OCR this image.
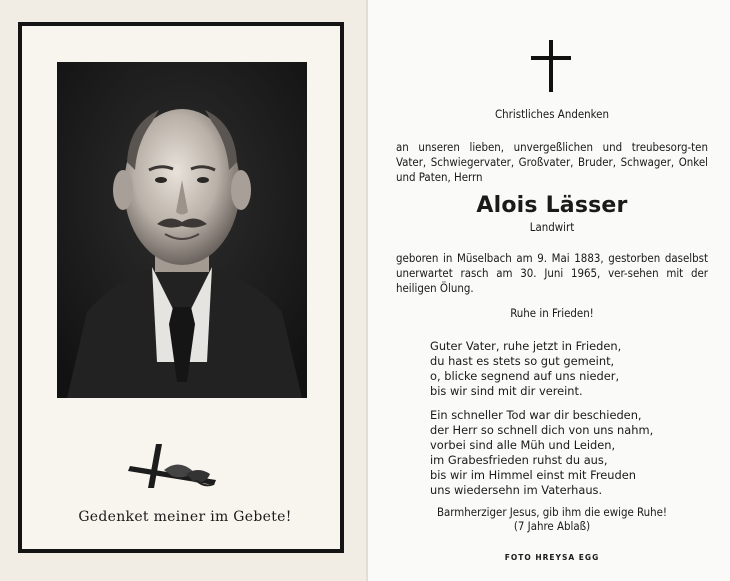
Gedenket meiner im Gebete!
Christliches Andenken
an unseren lieben, unvergeßlichen und treubesorg-ten Vater, Schwiegervater, Großvater, Bruder, Schwager, Onkel und Paten, Herrn
Alois Lässer
Landwirt
geboren in Müselbach am 9. Mai 1883, gestorben daselbst unerwartet rasch am 30. Juni 1965, ver-sehen mit der heiligen Ölung.
Ruhe in Frieden!
Guter Vater, ruhe jetzt in Frieden,
du hast es stets so gut gemeint,
o, blicke segnend auf uns nieder,
bis wir sind mit dir vereint.
Ein schneller Tod war dir beschieden,
der Herr so schnell dich von uns nahm,
vorbei sind alle Müh und Leiden,
im Grabesfrieden ruhst du aus,
bis wir im Himmel einst mit Freuden
uns wiedersehn im Vaterhaus.
Barmherziger Jesus, gib ihm die ewige Ruhe!
(7 Jahre Ablaß)
FOTO HREYSA EGG
